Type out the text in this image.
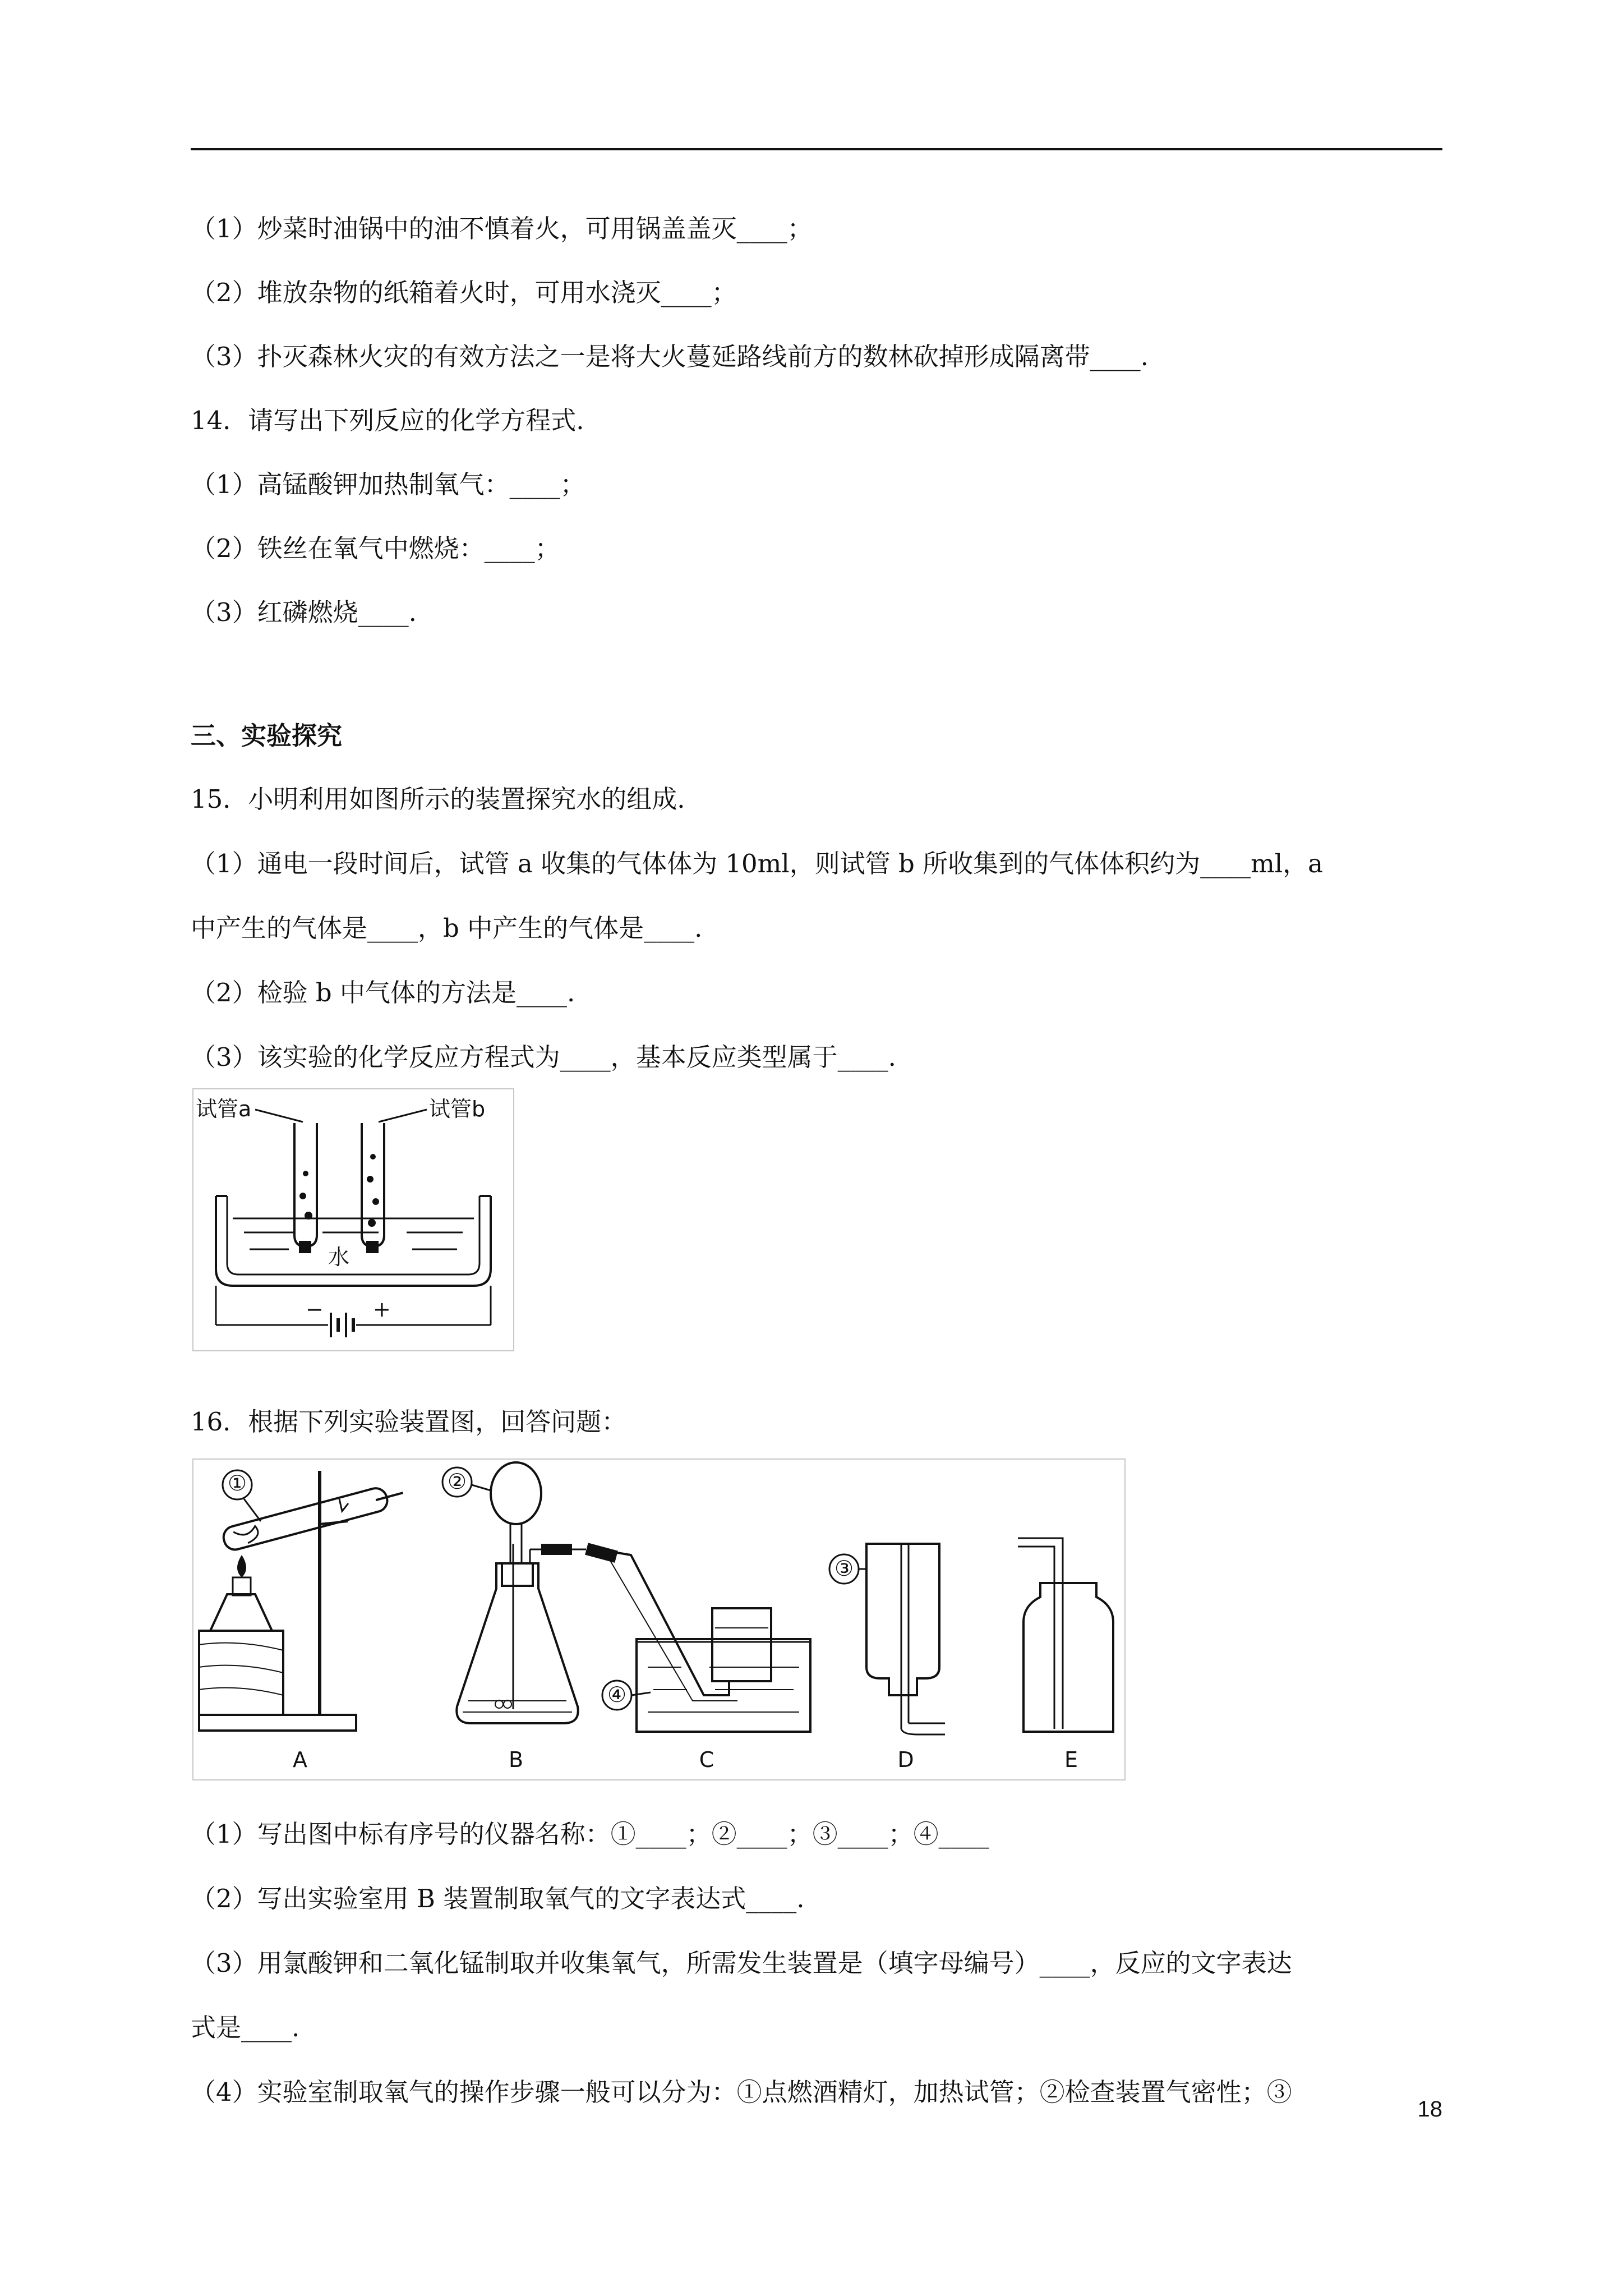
（1）炒菜时油锅中的油不慎着火，可用锅盖盖灭____；
（2）堆放杂物的纸箱着火时，可用水浇灭____；
（3）扑灭森林火灾的有效方法之一是将大火蔓延路线前方的数林砍掉形成隔离带____.
14．请写出下列反应的化学方程式.
（1）高锰酸钾加热制氧气：____；
（2）铁丝在氧气中燃烧：____；
（3）红磷燃烧____.
三、实验探究
15．小明利用如图所示的装置探究水的组成.
（1）通电一段时间后，试管 a 收集的气体体为 10ml，则试管 b 所收集到的气体体积约为____ml，a
中产生的气体是____，b 中产生的气体是____.
（2）检验 b 中气体的方法是____.
（3）该实验的化学反应方程式为____，基本反应类型属于____.
试管a	试管b
水
− +
16．根据下列实验装置图，回答问题：
①	②
④
③
A	B	C	D	E
（1）写出图中标有序号的仪器名称：①____；②____；③____；④____
（2）写出实验室用 B 装置制取氧气的文字表达式____.
（3）用氯酸钾和二氧化锰制取并收集氧气，所需发生装置是（填字母编号）____，反应的文字表达
式是____.
（4）实验室制取氧气的操作步骤一般可以分为：①点燃酒精灯，加热试管；②检查装置气密性；③
18
